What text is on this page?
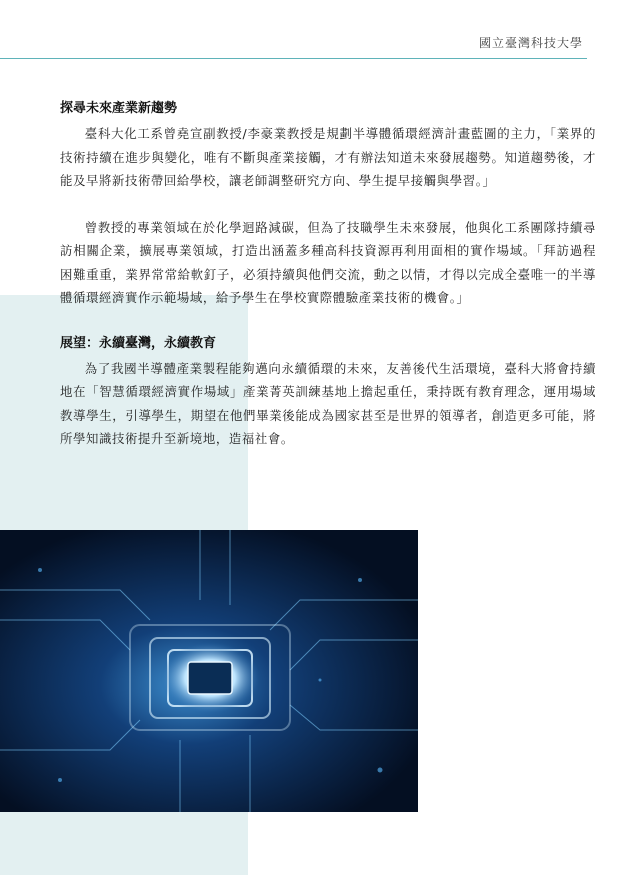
國立臺灣科技大學
探尋未來產業新趨勢

臺科大化工系曾堯宣副教授/李豪業教授是規劃半導體循環經濟計畫藍圖的主力，「業界的技術持續在進步與變化，唯有不斷與產業接觸，才有辦法知道未來發展趨勢。知道趨勢後，才能及早將新技術帶回給學校，讓老師調整研究方向、學生提早接觸與學習。」

曾教授的專業領域在於化學迴路減碳，但為了技職學生未來發展，他與化工系團隊持續尋訪相關企業，擴展專業領域，打造出涵蓋多種高科技資源再利用面相的實作場域。「拜訪過程困難重重，業界常常給軟釘子，必須持續與他們交流，動之以情，才得以完成全臺唯一的半導體循環經濟實作示範場域，給予學生在學校實際體驗產業技術的機會。」

展望：永續臺灣，永續教育

為了我國半導體產業製程能夠邁向永續循環的未來，友善後代生活環境，臺科大將會持續地在「智慧循環經濟實作場域」產業菁英訓練基地上擔起重任，秉持既有教育理念，運用場域教導學生，引導學生，期望在他們畢業後能成為國家甚至是世界的領導者，創造更多可能，將所學知識技術提升至新境地，造福社會。
